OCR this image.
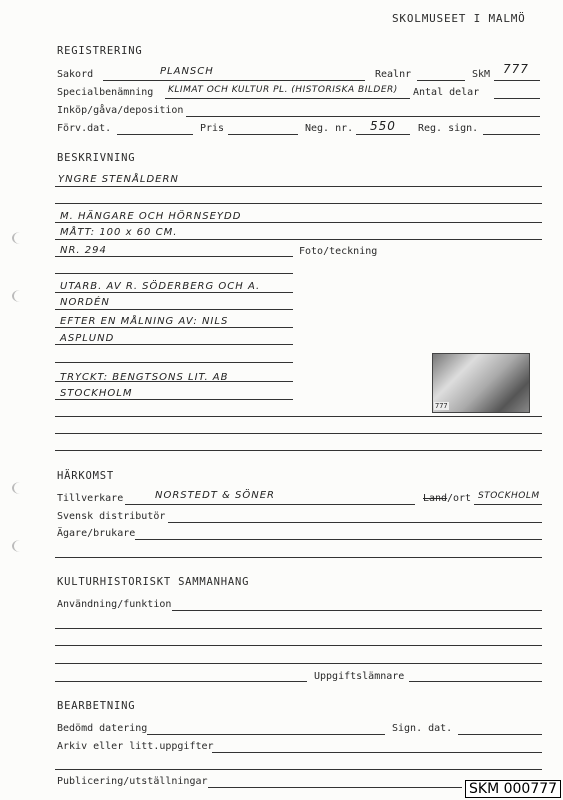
SKOLMUSEET I MALMÖ
REGISTRERING
Sakord	PLANSCH	Realnr	SkM 777
Specialbenämning KLIMAT OCH KULTUR PL. (HISTORISKA BILDER) Antal delar
Inköp/gåva/deposition
Förv.dat.	Pris	Neg. nr. 550 Reg. sign.
BESKRIVNING
YNGRE STENÅLDERN
M. HÄNGARE OCH HÖRNSEYDD
MÅTT: 100 x 60 CM.
NR. 294	Foto/teckning
UTARB. AV R. SÖDERBERG OCH A.
NORDÉN
EFTER EN MÅLNING AV: NILS
ASPLUND
TRYCKT: BENGTSONS LIT. AB
STOCKHOLM
777
HÄRKOMST
Tillverkare	NORSTEDT & SÖNER	Land /ort STOCKHOLM
Svensk distributör
Ägare/brukare
KULTURHISTORISKT SAMMANHANG
Användning/funktion
Uppgiftslämnare
BEARBETNING
Bedömd datering	Sign. dat.
Arkiv eller litt.uppgifter
Publicering/utställningar	SKM 000777
